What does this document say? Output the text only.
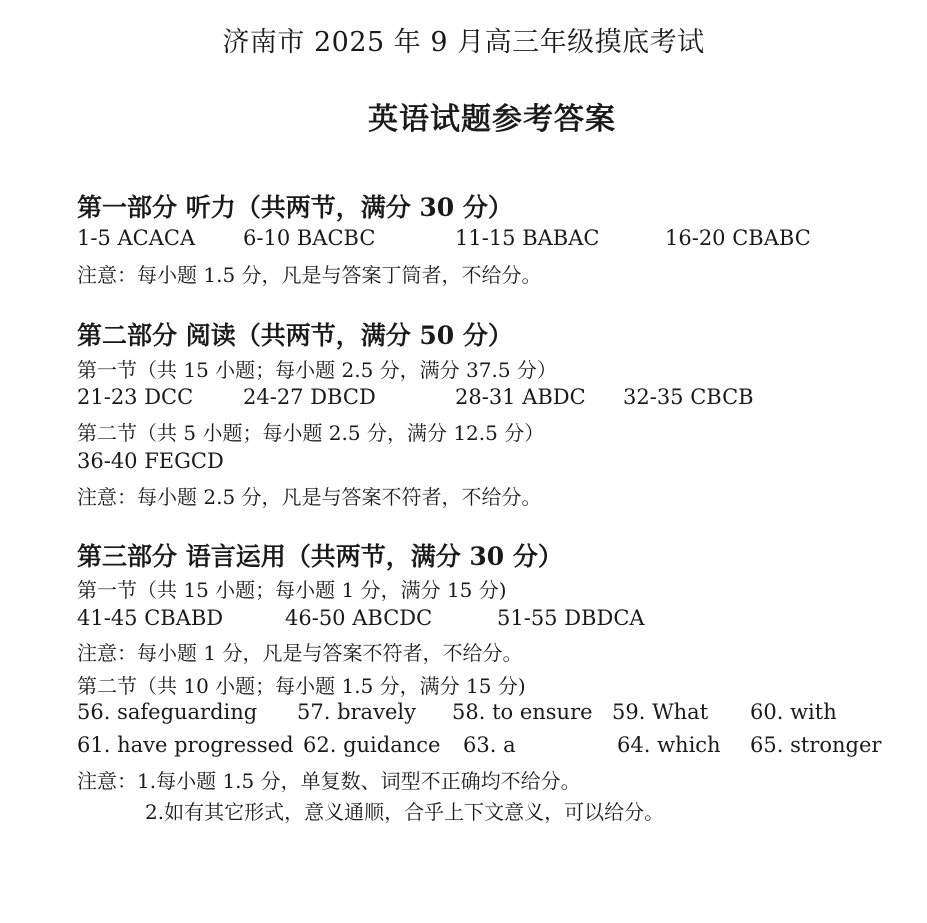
济南市 2025 年 9 月高三年级摸底考试
英语试题参考答案
第一部分 听力（共两节，满分 30 分）
1-5 ACACA 6-10 BACBC	11-15 BABAC	16-20 CBABC
注意：每小题 1.5 分，凡是与答案丁筒者，不给分。
第二部分 阅读（共两节，满分 50 分）
第一节（共 15 小题；每小题 2.5 分，满分 37.5 分）
21-23 DCC 24-27 DBCD	28-31 ABDC 32-35 CBCB
第二节（共 5 小题；每小题 2.5 分，满分 12.5 分）
36-40 FEGCD
注意：每小题 2.5 分，凡是与答案不符者，不给分。
第三部分 语言运用（共两节，满分 30 分）
第一节（共 15 小题；每小题 1 分，满分 15 分)
41-45 CBABD	46-50 ABCDC	51-55 DBDCA
注意：每小题 1 分，凡是与答案不符者，不给分。
第二节（共 10 小题；每小题 1.5 分，满分 15 分)
56. safeguarding 57. bravely 58. to ensure 59. What 60. with
61. have progressed 62. guidance 63. a	64. which 65. stronger
注意：1.每小题 1.5 分，单复数、词型不正确均不给分。
2.如有其它形式，意义通顺，合乎上下文意义，可以给分。
